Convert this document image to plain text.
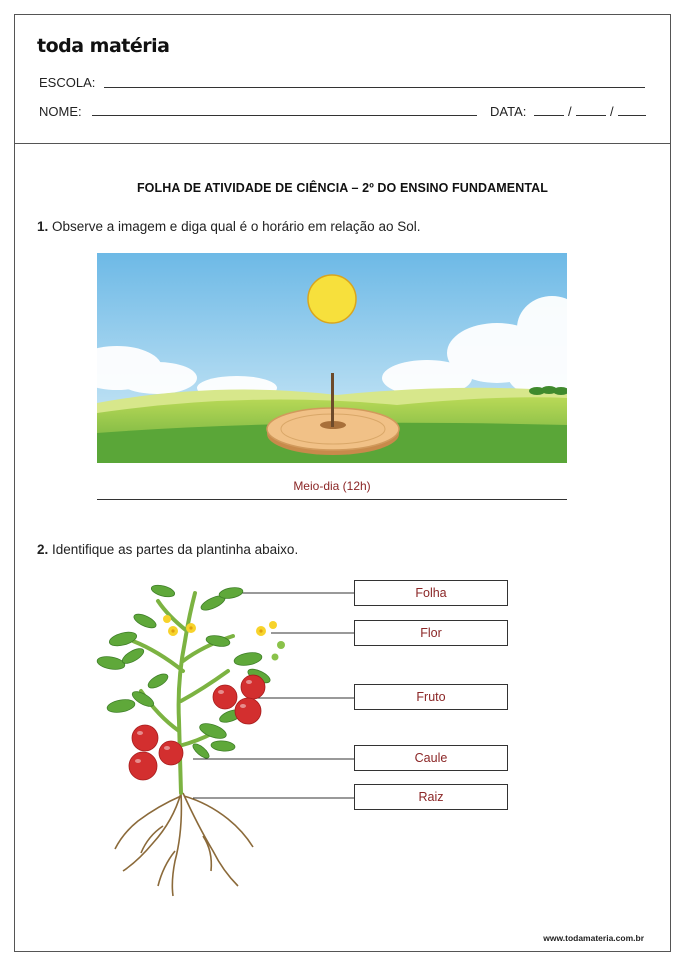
toda matéria
ESCOLA:
NOME:	DATA:	/	/
FOLHA DE ATIVIDADE DE CIÊNCIA – 2º DO ENSINO FUNDAMENTAL
1. Observe a imagem e diga qual é o horário em relação ao Sol.
Meio-dia (12h)
2. Identifique as partes da plantinha abaixo.
Folha
Flor
Fruto
Caule
Raiz
www.todamateria.com.br
